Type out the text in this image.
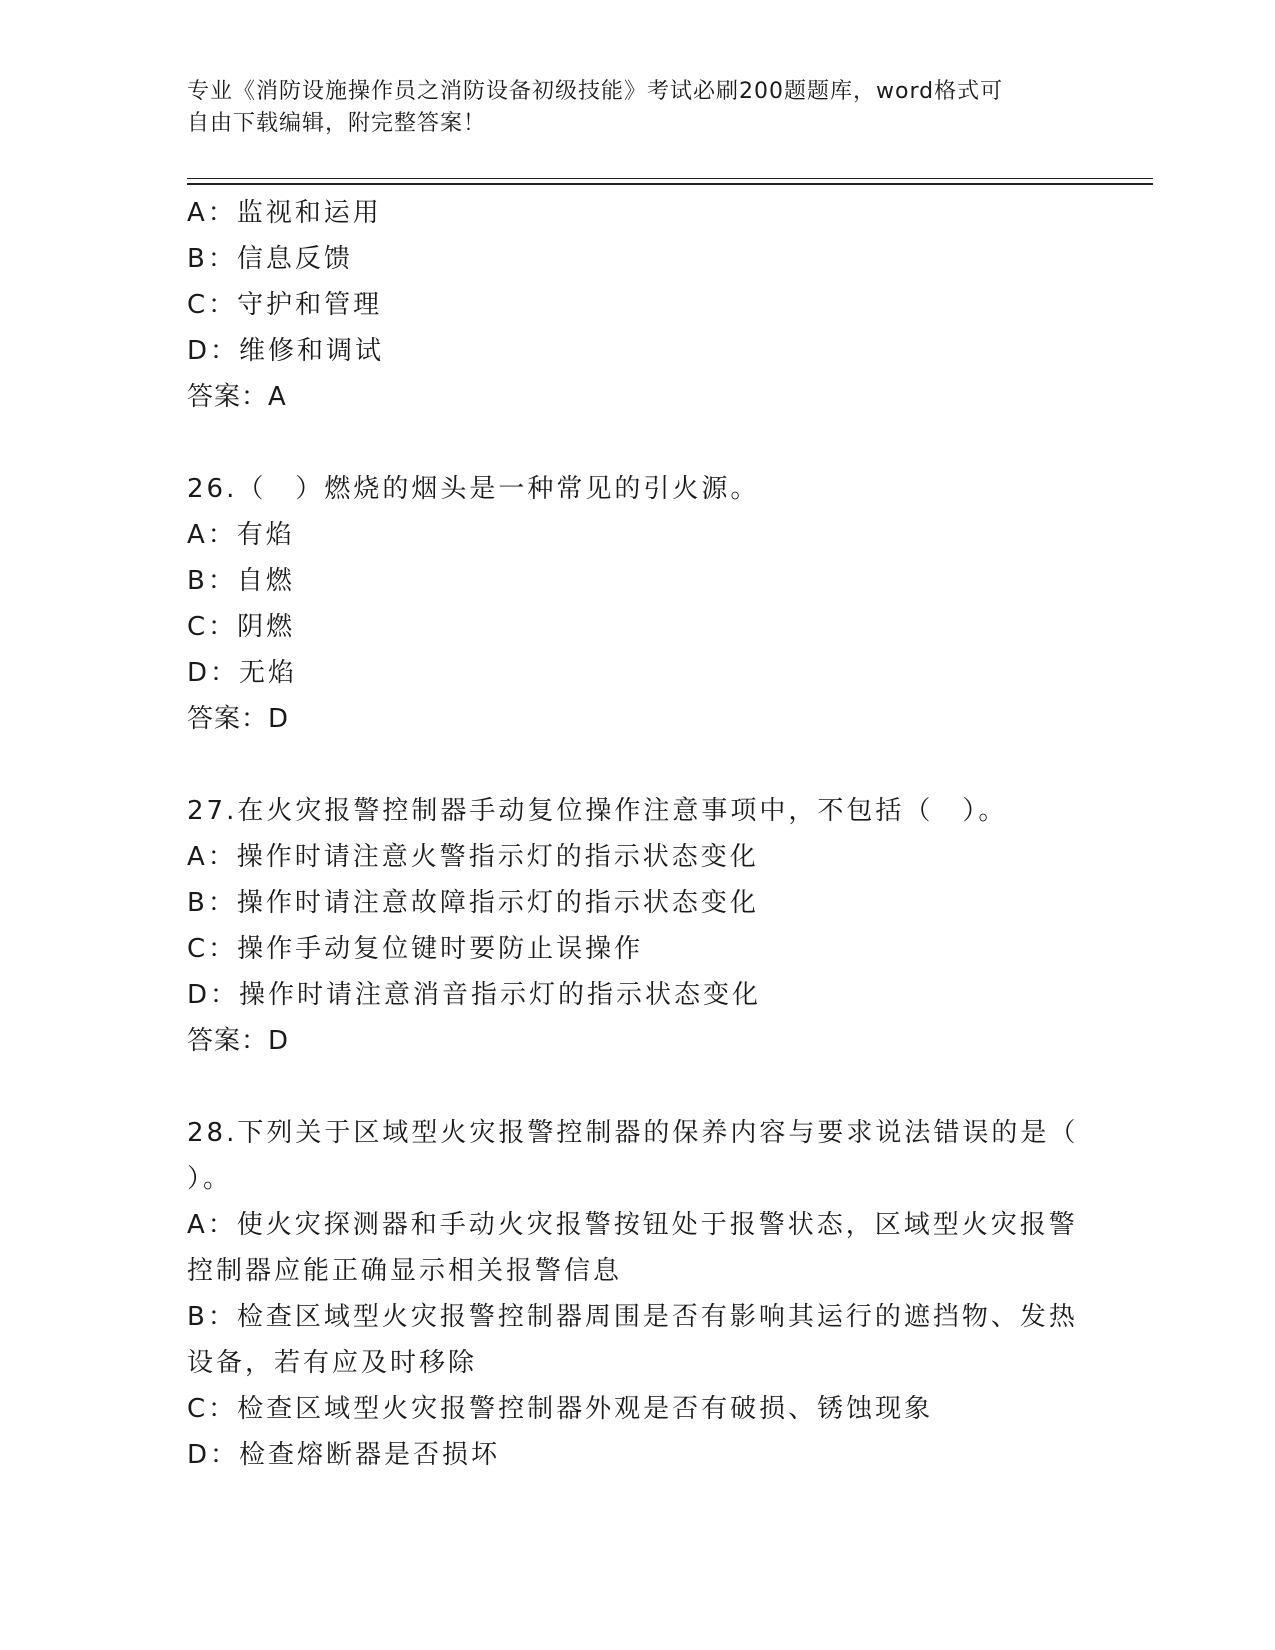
专业《消防设施操作员之消防设备初级技能》考试必刷200题题库，word格式可
自由下载编辑，附完整答案！
A：监视和运用
B：信息反馈
C：守护和管理
D：维修和调试
答案：A
26.（　）燃烧的烟头是一种常见的引火源。
A：有焰
B：自燃
C：阴燃
D：无焰
答案：D
27.在火灾报警控制器手动复位操作注意事项中，不包括（　）。
A：操作时请注意火警指示灯的指示状态变化
B：操作时请注意故障指示灯的指示状态变化
C：操作手动复位键时要防止误操作
D：操作时请注意消音指示灯的指示状态变化
答案：D
28.下列关于区域型火灾报警控制器的保养内容与要求说法错误的是（
）。
A：使火灾探测器和手动火灾报警按钮处于报警状态，区域型火灾报警
控制器应能正确显示相关报警信息
B：检查区域型火灾报警控制器周围是否有影响其运行的遮挡物、发热
设备，若有应及时移除
C：检查区域型火灾报警控制器外观是否有破损、锈蚀现象
D：检查熔断器是否损坏
